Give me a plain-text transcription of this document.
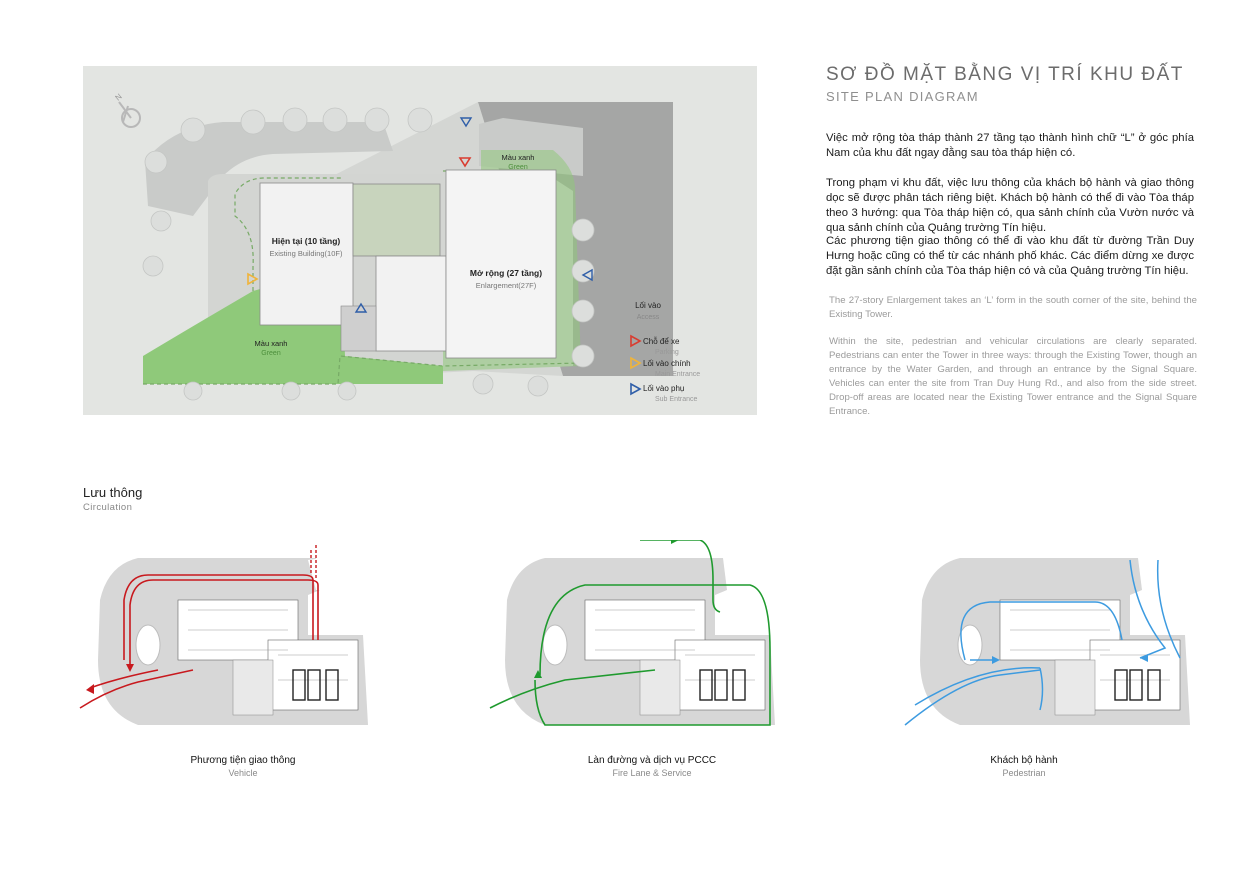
N
Hiện tại (10 tầng)
Existing Building(10F)
Mở rộng (27 tầng)
Enlargement(27F)
Màu xanh
Green
Màu xanh
Green
Lối vào
Access
Chỗ để xe
Parking
Lối vào chính
Main Entrance
Lối vào phụ
Sub Entrance
SƠ ĐỒ MẶT BẰNG VỊ TRÍ KHU ĐẤT
SITE PLAN DIAGRAM

Việc mở rộng tòa tháp thành 27 tầng tạo thành hình chữ “L” ở góc phía Nam của khu đất ngay đằng sau tòa tháp hiện có.

Trong phạm vi khu đất, việc lưu thông của khách bộ hành và giao thông dọc sẽ được phân tách riêng biệt. Khách bộ hành có thể đi vào Tòa tháp theo 3 hướng: qua Tòa tháp hiện có, qua sảnh chính của Vườn nước và qua sảnh chính của Quảng trường Tín hiệu.

Các phương tiện giao thông có thể đi vào khu đất từ đường Trần Duy Hưng hoặc cũng có thể từ các nhánh phố khác. Các điểm dừng xe được đặt gần sảnh chính của Tòa tháp hiện có và của Quảng trường Tín hiệu.

The 27-story Enlargement takes an ‘L’ form in the south corner of the site, behind the Existing Tower.

Within the site, pedestrian and vehicular circulations are clearly separated. Pedestrians can enter the Tower in three ways: through the Existing Tower, though an entrance by the Water Garden, and through an entrance by the Signal Square. Vehicles can enter the site from Tran Duy Hung Rd., and also from the side street. Drop-off areas are located near the Existing Tower entrance and the Signal Square Entrance.

Lưu thông
Circulation
Phương tiện giao thông
Vehicle
Làn đường và dịch vụ PCCC
Fire Lane & Service
Khách bộ hành
Pedestrian
